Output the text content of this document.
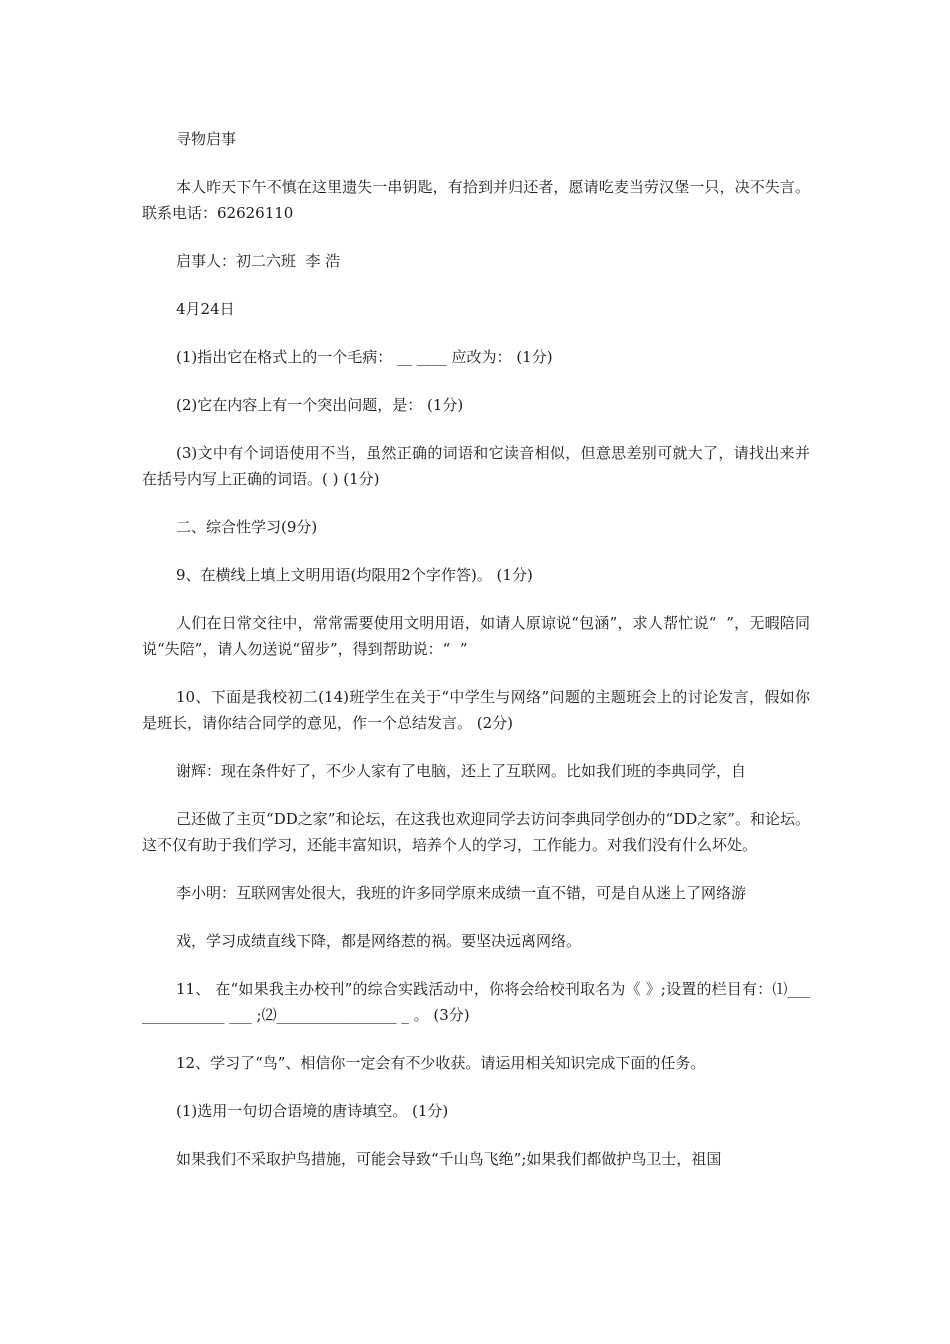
寻物启事

本人昨天下午不慎在这里遗失一串钥匙，有拾到并归还者，愿请吃麦当劳汉堡一只，决不失言。联系电话：62626110

启事人：初二六班  李 浩

4月24日

(1)指出它在格式上的一个毛病： __ ____ 应改为： (1分)

(2)它在内容上有一个突出问题，是： (1分)

(3)文中有个词语使用不当，虽然正确的词语和它读音相似，但意思差别可就大了，请找出来并在括号内写上正确的词语。( ) (1分)

二、综合性学习(9分)

9、在横线上填上文明用语(均限用2个字作答)。 (1分)

人们在日常交往中，常常需要使用文明用语，如请人原谅说“包涵”，求人帮忙说“  ”，无暇陪同说“失陪”，请人勿送说“留步”，得到帮助说：“  ”

10、下面是我校初二(14)班学生在关于“中学生与网络”问题的主题班会上的讨论发言，假如你是班长，请你结合同学的意见，作一个总结发言。 (2分)

谢辉：现在条件好了，不少人家有了电脑，还上了互联网。比如我们班的李典同学，自

己还做了主页“DD之家”和论坛，在这我也欢迎同学去访问李典同学创办的“DD之家”。和论坛。这不仅有助于我们学习，还能丰富知识，培养个人的学习，工作能力。对我们没有什么坏处。

李小明：互联网害处很大，我班的许多同学原来成绩一直不错，可是自从迷上了网络游

戏，学习成绩直线下降，都是网络惹的祸。要坚决远离网络。

11、 在“如果我主办校刊”的综合实践活动中，你将会给校刊取名为《 》;设置的栏目有：⑴______________ ___ ;⑵________________ _ 。 (3分)

12、学习了“鸟”、相信你一定会有不少收获。请运用相关知识完成下面的任务。

(1)选用一句切合语境的唐诗填空。 (1分)

如果我们不采取护鸟措施，可能会导致“千山鸟飞绝”;如果我们都做护鸟卫士，祖国
